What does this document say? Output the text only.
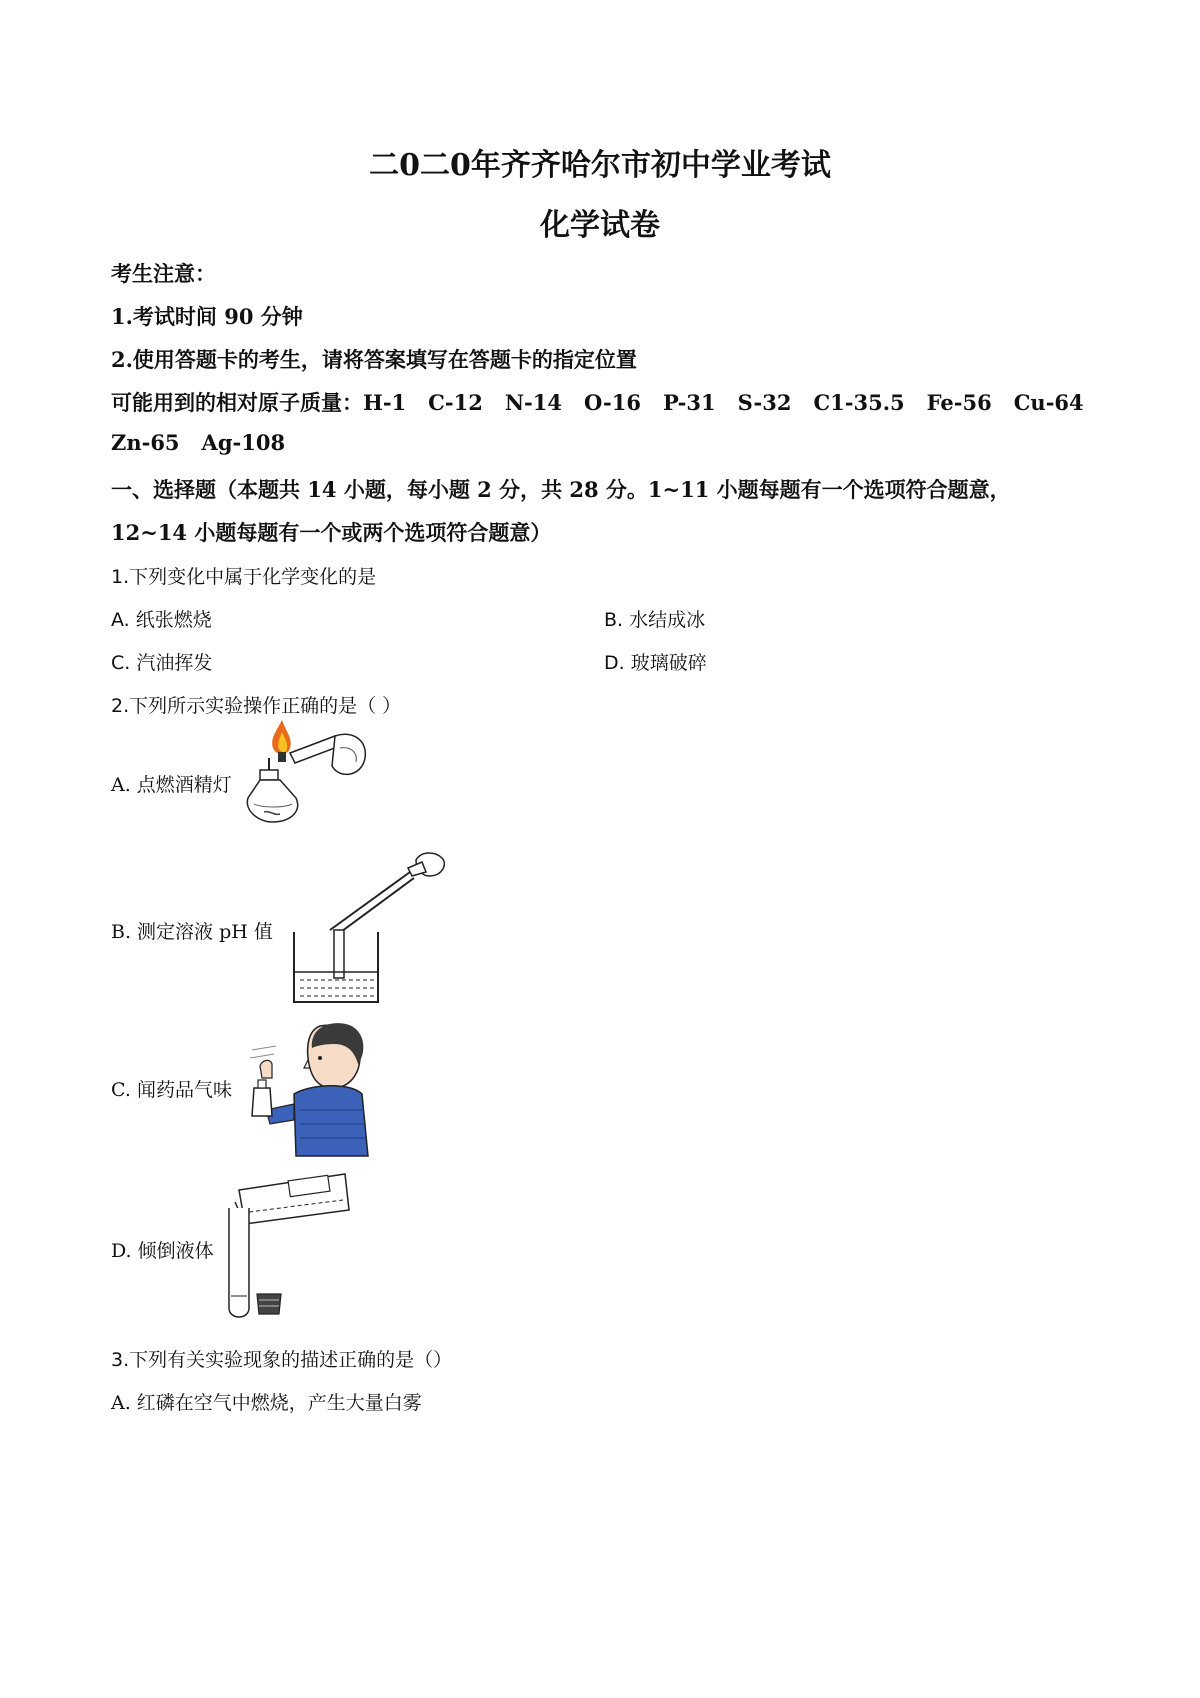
二0二0年齐齐哈尔市初中学业考试
化学试卷
考生注意：
1.考试时间 90 分钟
2.使用答题卡的考生，请将答案填写在答题卡的指定位置
可能用到的相对原子质量：H-1 C-12 N-14 O-16 P-31 S-32 C1-35.5 Fe-56 Cu-64
Zn-65 Ag-108
一、选择题（本题共 14 小题，每小题 2 分，共 28 分。1~11 小题每题有一个选项符合题意，
12~14 小题每题有一个或两个选项符合题意）
1.下列变化中属于化学变化的是
A. 纸张燃烧	B. 水结成冰
C. 汽油挥发	D. 玻璃破碎
2.下列所示实验操作正确的是（ ）
A. 点燃酒精灯
B. 测定溶液 pH 值
C. 闻药品气味
D. 倾倒液体
3.下列有关实验现象的描述正确的是（）
A. 红磷在空气中燃烧，产生大量白雾
